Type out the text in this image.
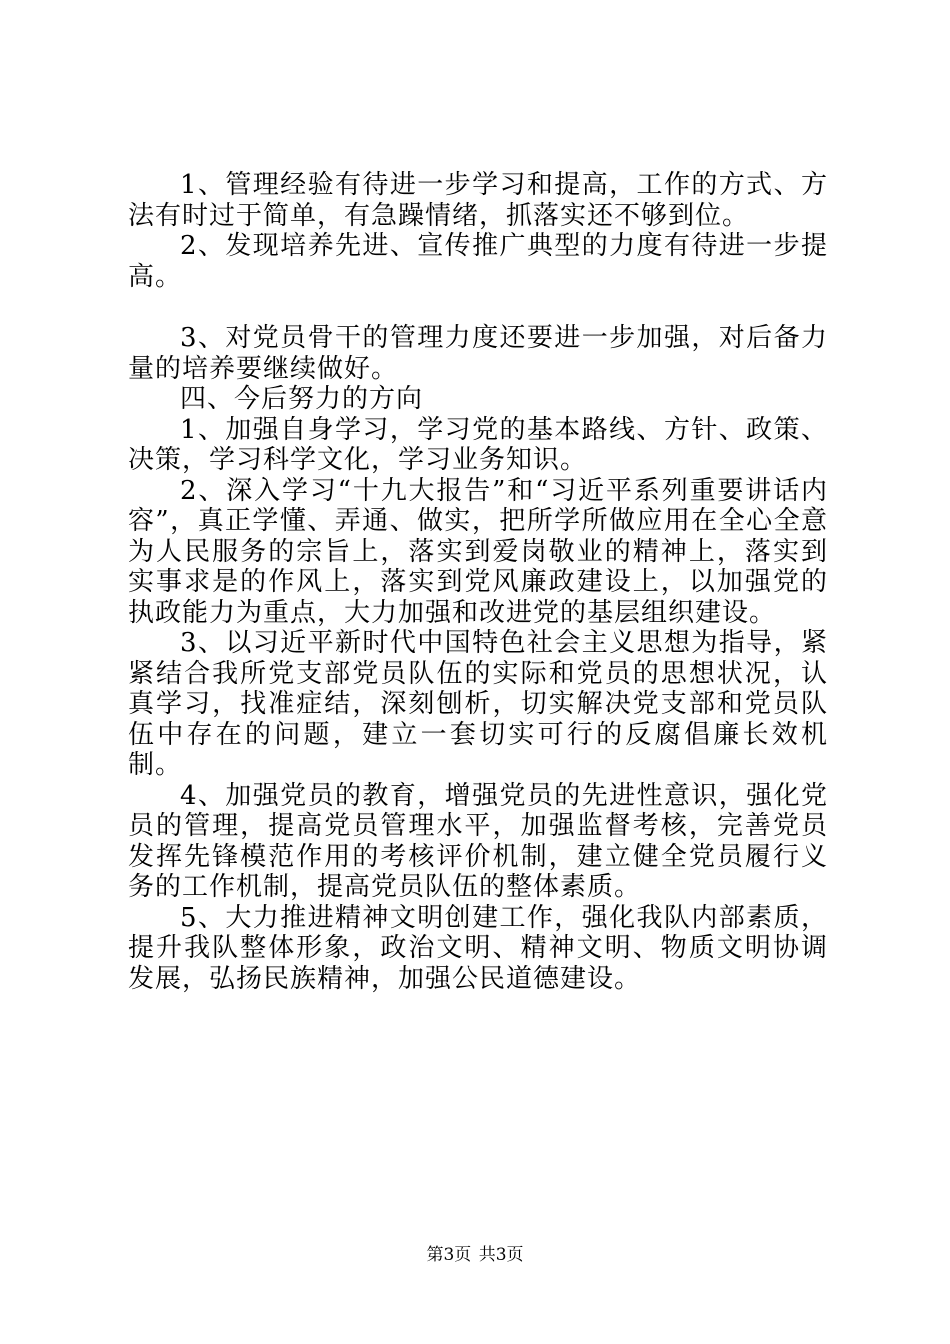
1、管理经验有待进一步学习和提高，工作的方式、方法有时过于简单，有急躁情绪，抓落实还不够到位。

2、发现培养先进、宣传推广典型的力度有待进一步提高。

3、对党员骨干的管理力度还要进一步加强，对后备力量的培养要继续做好。

四、今后努力的方向

1、加强自身学习，学习党的基本路线、方针、政策、决策，学习科学文化，学习业务知识。

2、深入学习“十九大报告”和“习近平系列重要讲话内容”，真正学懂、弄通、做实，把所学所做应用在全心全意为人民服务的宗旨上，落实到爱岗敬业的精神上，落实到实事求是的作风上，落实到党风廉政建设上，以加强党的执政能力为重点，大力加强和改进党的基层组织建设。

3、以习近平新时代中国特色社会主义思想为指导，紧紧结合我所党支部党员队伍的实际和党员的思想状况，认真学习，找准症结，深刻刨析，切实解决党支部和党员队伍中存在的问题，建立一套切实可行的反腐倡廉长效机制。

4、加强党员的教育，增强党员的先进性意识，强化党员的管理，提高党员管理水平，加强监督考核，完善党员发挥先锋模范作用的考核评价机制，建立健全党员履行义务的工作机制，提高党员队伍的整体素质。

5、大力推进精神文明创建工作，强化我队内部素质，提升我队整体形象，政治文明、精神文明、物质文明协调发展，弘扬民族精神，加强公民道德建设。

第3页 共3页
